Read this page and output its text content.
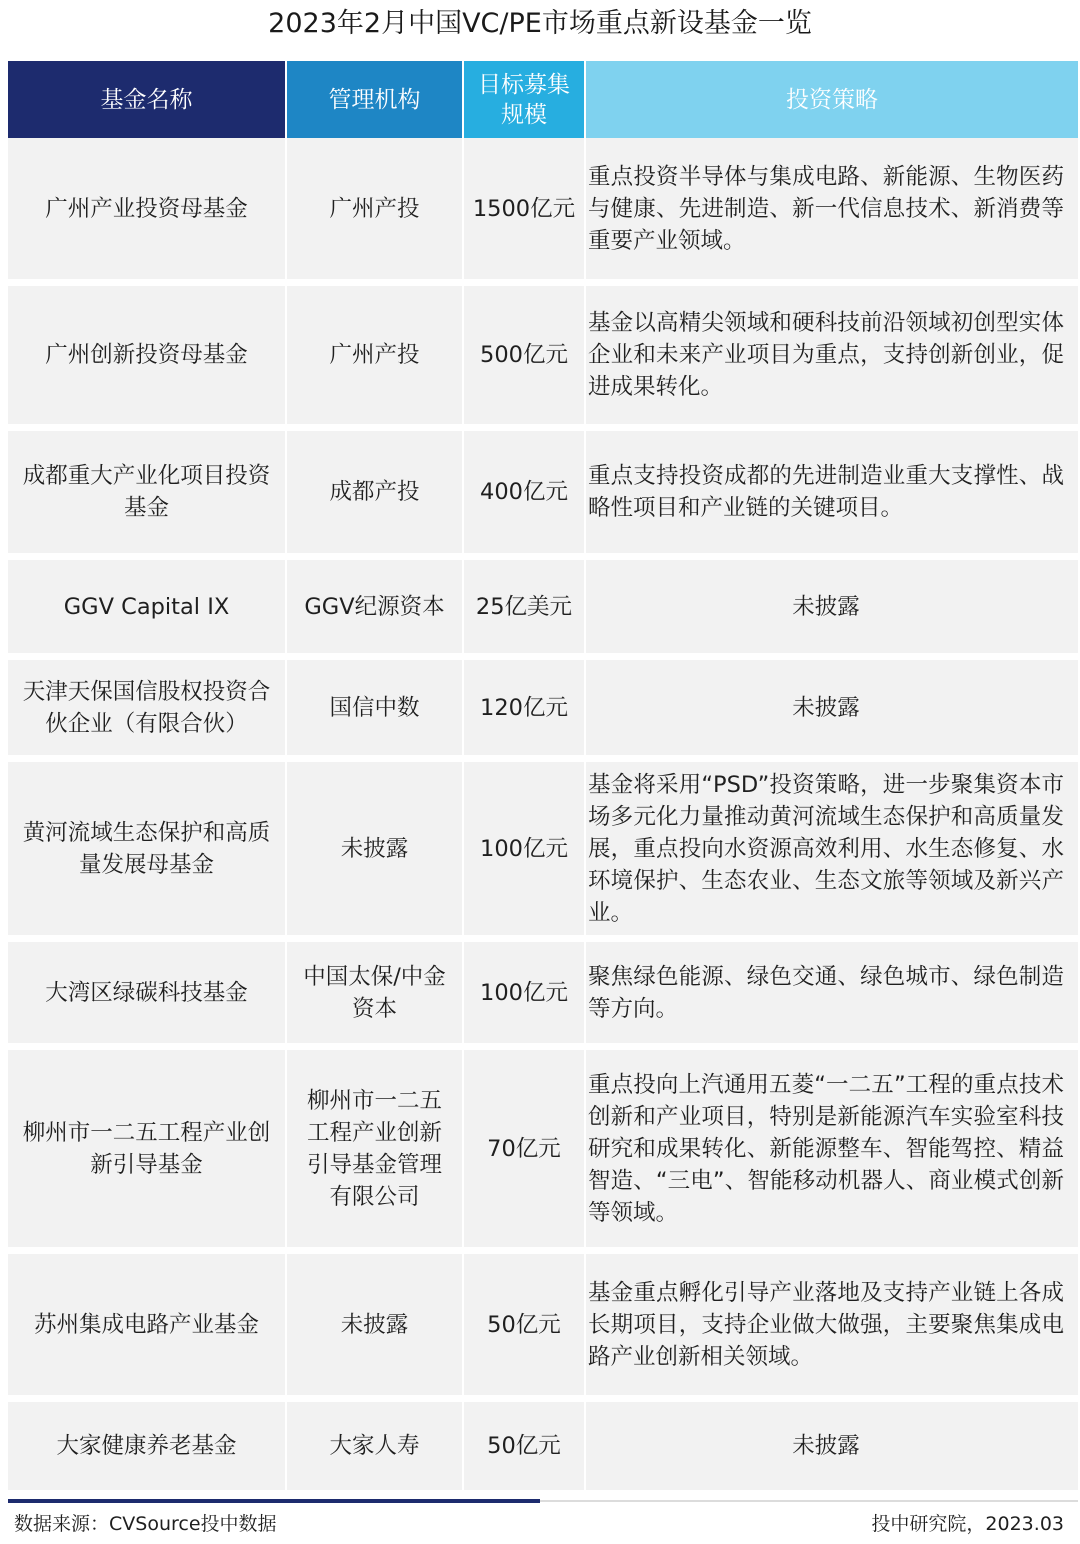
2023年2月中国VC/PE市场重点新设基金一览
基金名称	管理机构	目标募集规模	投资策略
广州产业投资母基金	广州产投	1500亿元	重点投资半导体与集成电路、新能源、生物医药与健康、先进制造、新一代信息技术、新消费等重要产业领域。
广州创新投资母基金	广州产投	500亿元	基金以高精尖领域和硬科技前沿领域初创型实体企业和未来产业项目为重点，支持创新创业，促进成果转化。
成都重大产业化项目投资基金	成都产投	400亿元	重点支持投资成都的先进制造业重大支撑性、战略性项目和产业链的关键项目。
GGV Capital IX	GGV纪源资本	25亿美元	未披露
天津天保国信股权投资合伙企业（有限合伙）	国信中数	120亿元	未披露
黄河流域生态保护和高质量发展母基金	未披露	100亿元	基金将采用“PSD”投资策略，进一步聚集资本市场多元化力量推动黄河流域生态保护和高质量发展，重点投向水资源高效利用、水生态修复、水环境保护、生态农业、生态文旅等领域及新兴产业。
大湾区绿碳科技基金	中国太保/中金资本	100亿元	聚焦绿色能源、绿色交通、绿色城市、绿色制造等方向。
柳州市一二五工程产业创新引导基金	柳州市一二五工程产业创新引导基金管理有限公司	70亿元	重点投向上汽通用五菱“一二五”工程的重点技术创新和产业项目，特别是新能源汽车实验室科技研究和成果转化、新能源整车、智能驾控、精益智造、“三电”、智能移动机器人、商业模式创新等领域。
苏州集成电路产业基金	未披露	50亿元	基金重点孵化引导产业落地及支持产业链上各成长期项目，支持企业做大做强，主要聚焦集成电路产业创新相关领域。
大家健康养老基金	大家人寿	50亿元	未披露
数据来源：CVSource投中数据	投中研究院，2023.03
